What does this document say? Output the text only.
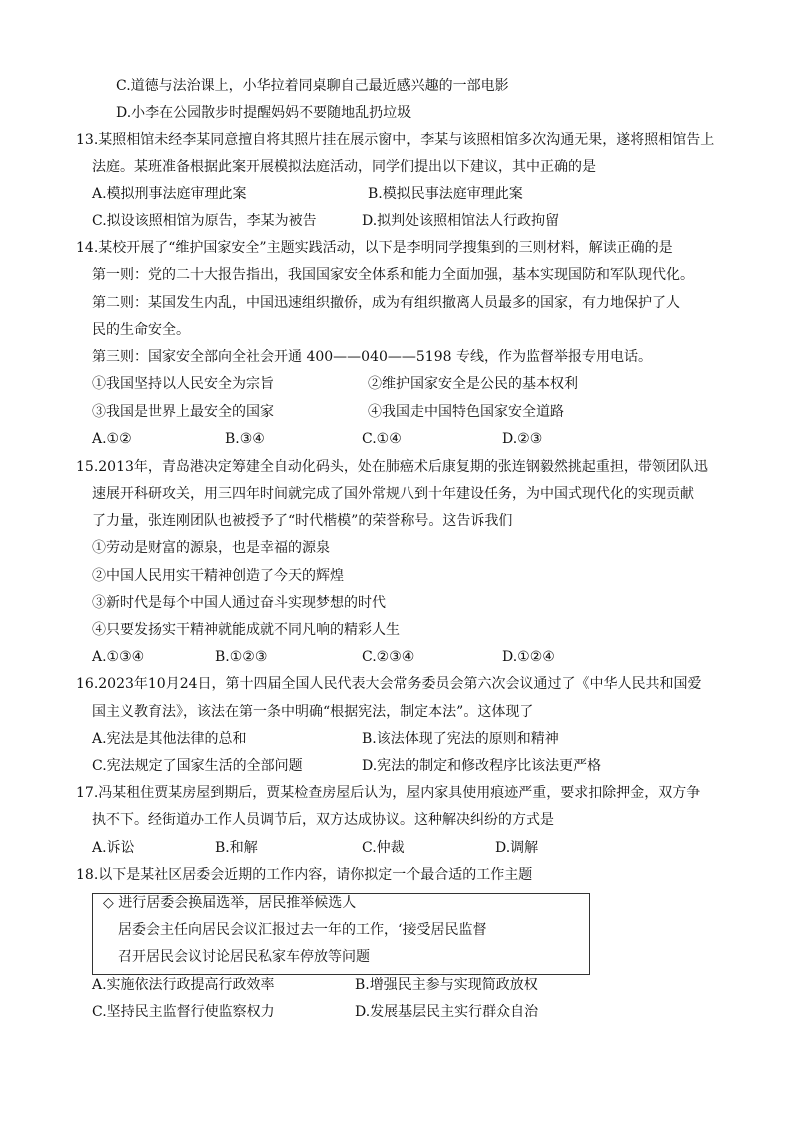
C.道德与法治课上，小华拉着同桌聊自己最近感兴趣的一部电影
D.小李在公园散步时提醒妈妈不要随地乱扔垃圾
13.某照相馆未经李某同意擅自将其照片挂在展示窗中，李某与该照相馆多次沟通无果，遂将照相馆告上
法庭。某班准备根据此案开展模拟法庭活动，同学们提出以下建议，其中正确的是
A.模拟刑事法庭审理此案	B.模拟民事法庭审理此案
C.拟设该照相馆为原告，李某为被告	D.拟判处该照相馆法人行政拘留
14.某校开展了“维护国家安全”主题实践活动，以下是李明同学搜集到的三则材料，解读正确的是
第一则：党的二十大报告指出，我国国家安全体系和能力全面加强，基本实现国防和军队现代化。
第二则：某国发生内乱，中国迅速组织撤侨，成为有组织撤离人员最多的国家，有力地保护了人
民的生命安全。
第三则：国家安全部向全社会开通 400——040——5198 专线，作为监督举报专用电话。
①我国坚持以人民安全为宗旨	②维护国家安全是公民的基本权利
③我国是世界上最安全的国家	④我国走中国特色国家安全道路
A.①②	B.③④	C.①④	D.②③
15.2013年，青岛港决定筹建全自动化码头，处在肺癌术后康复期的张连钢毅然挑起重担，带领团队迅
速展开科研攻关，用三四年时间就完成了国外常规八到十年建设任务，为中国式现代化的实现贡献
了力量，张连刚团队也被授予了“时代楷模”的荣誉称号。这告诉我们
①劳动是财富的源泉，也是幸福的源泉
②中国人民用实干精神创造了今天的辉煌
③新时代是每个中国人通过奋斗实现梦想的时代
④只要发扬实干精神就能成就不同凡响的精彩人生
A.①③④	B.①②③	C.②③④	D.①②④
16.2023年10月24日，第十四届全国人民代表大会常务委员会第六次会议通过了《中华人民共和国爱
国主义教育法》，该法在第一条中明确“根据宪法，制定本法”。这体现了
A.宪法是其他法律的总和	B.该法体现了宪法的原则和精神
C.宪法规定了国家生活的全部问题	D.宪法的制定和修改程序比该法更严格
17.冯某租住贾某房屋到期后，贾某检查房屋后认为，屋内家具使用痕迹严重，要求扣除押金，双方争
执不下。经街道办工作人员调节后，双方达成协议。这种解决纠纷的方式是
A.诉讼	B.和解	C.仲裁	D.调解
18.以下是某社区居委会近期的工作内容，请你拟定一个最合适的工作主题
◇ 进行居委会换届选举，居民推举候选人
居委会主任向居民会议汇报过去一年的工作，‘接受居民监督
召开居民会议讨论居民私家车停放等问题
A.实施依法行政提高行政效率	B.增强民主参与实现简政放权
C.坚持民主监督行使监察权力	D.发展基层民主实行群众自治
